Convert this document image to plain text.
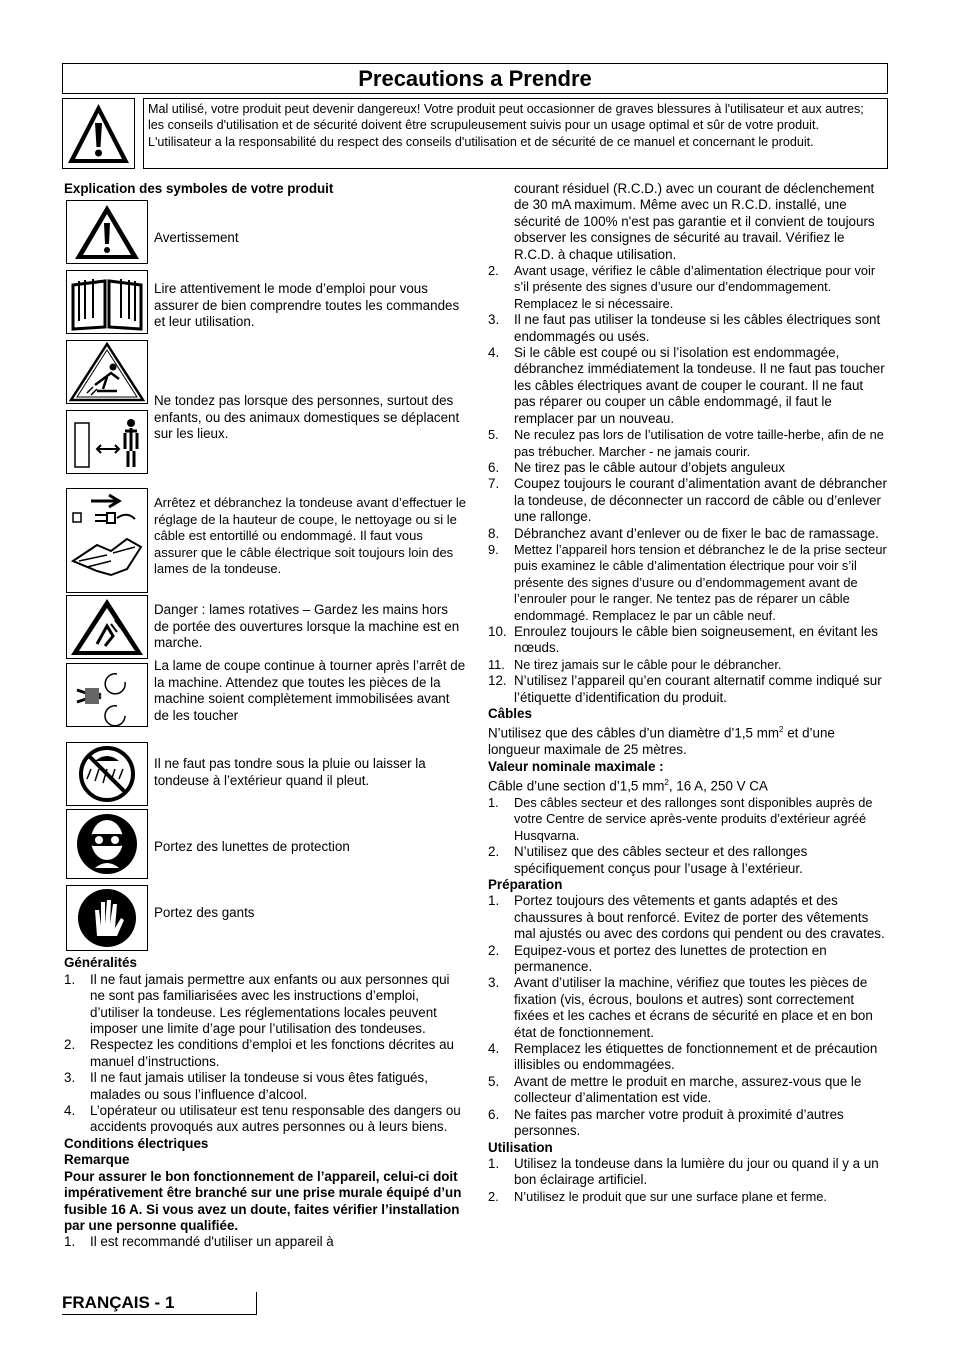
Precautions a Prendre
Mal utilisé, votre produit peut devenir dangereux! Votre produit peut occasionner de graves blessures à l'utilisateur et aux autres; les conseils d'utilisation et de sécurité doivent être scrupuleusement suivis pour un usage optimal et sûr de votre produit. L'utilisateur a la responsabilité du respect des conseils d'utilisation et de sécurité de ce manuel et concernant le produit.

Explication des symboles de votre produit

Avertissement
Lire attentivement le mode d’emploi pour vous assurer de bien comprendre toutes les commandes et leur utilisation.
Ne tondez pas lorsque des personnes, surtout des enfants, ou des animaux domestiques se déplacent sur les lieux.
Arrêtez et débranchez la tondeuse avant d’effectuer le réglage de la hauteur de coupe, le nettoyage ou si le câble est entortillé ou endommagé. Il faut vous assurer que le câble électrique soit toujours loin des lames de la tondeuse.
Danger : lames rotatives – Gardez les mains hors de portée des ouvertures lorsque la machine est en marche.
La lame de coupe continue à tourner après l’arrêt de la machine. Attendez que toutes les pièces de la machine soient complètement immobilisées avant de les toucher
Il ne faut pas tondre sous la pluie ou laisser la tondeuse à l’extérieur quand il pleut.
Portez des lunettes de protection
Portez des gants

Généralités

1. Il ne faut jamais permettre aux enfants ou aux personnes qui ne sont pas familiarisées avec les instructions d’emploi, d’utiliser la tondeuse. Les réglementations locales peuvent imposer une limite d’age pour l’utilisation des tondeuses.
2. Respectez les conditions d’emploi et les fonctions décrites au manuel d’instructions.
3. Il ne faut jamais utiliser la tondeuse si vous êtes fatigués, malades ou sous l’influence d’alcool.
4. L’opérateur ou utilisateur est tenu responsable des dangers ou accidents provoqués aux autres personnes ou à leurs biens.

Conditions électriques

Remarque

Pour assurer le bon fonctionnement de l’appareil, celui-ci doit impérativement être branché sur une prise murale équipé d’un fusible 16 A. Si vous avez un doute, faites vérifier l’installation par une personne qualifiée.

1. Il est recommandé d'utiliser un appareil à

courant résiduel (R.C.D.) avec un courant de déclenchement de 30 mA maximum. Même avec un R.C.D. installé, une sécurité de 100% n'est pas garantie et il convient de toujours observer les consignes de sécurité au travail. Vérifiez le R.C.D. à chaque utilisation.

2. Avant usage, vérifiez le câble d’alimentation électrique pour voir s’il présente des signes d’usure our d’endommagement. Remplacez le si nécessaire.
3. Il ne faut pas utiliser la tondeuse si les câbles électriques sont endommagés ou usés.
4. Si le câble est coupé ou si l’isolation est endommagée, débranchez immédiatement la tondeuse. Il ne faut pas toucher les câbles électriques avant de couper le courant. Il ne faut pas réparer ou couper un câble endommagé, il faut le remplacer par un nouveau.
5. Ne reculez pas lors de l’utilisation de votre taille-herbe, afin de ne pas trébucher. Marcher - ne jamais courir.
6. Ne tirez pas le câble autour d’objets anguleux
7. Coupez toujours le courant d’alimentation avant de débrancher la tondeuse, de déconnecter un raccord de câble ou d’enlever une rallonge.
8. Débranchez avant d’enlever ou de fixer le bac de ramassage.
9. Mettez l’appareil hors tension et débranchez le de la prise secteur puis examinez le câble d’alimentation électrique pour voir s’il présente des signes d’usure ou d’endommagement avant de l’enrouler pour le ranger. Ne tentez pas de réparer un câble endommagé. Remplacez le par un câble neuf.
10. Enroulez toujours le câble bien soigneusement, en évitant les nœuds.
11. Ne tirez jamais sur le câble pour le débrancher.
12. N’utilisez l’appareil qu’en courant alternatif comme indiqué sur l’étiquette d’identification du produit.

Câbles

N’utilisez que des câbles d’un diamètre d’1,5 $mm^2$ et d’une longueur maximale de 25 mètres.

Valeur nominale maximale :

Câble d’une section d’1,5 $mm^2$, 16 A, 250 V CA

1. Des câbles secteur et des rallonges sont disponibles auprès de votre Centre de service après-vente produits d’extérieur agréé Husqvarna.
2. N’utilisez que des câbles secteur et des rallonges spécifiquement conçus pour l’usage à l’extérieur.

Préparation

1. Portez toujours des vêtements et gants adaptés et des chaussures à bout renforcé. Evitez de porter des vêtements mal ajustés ou avec des cordons qui pendent ou des cravates.
2. Equipez-vous et portez des lunettes de protection en permanence.
3. Avant d’utiliser la machine, vérifiez que toutes les pièces de fixation (vis, écrous, boulons et autres) sont correctement fixées et les caches et écrans de sécurité en place et en bon état de fonctionnement.
4. Remplacez les étiquettes de fonctionnement et de précaution illisibles ou endommagées.
5. Avant de mettre le produit en marche, assurez-vous que le collecteur d’alimentation est vide.
6. Ne faites pas marcher votre produit à proximité d’autres personnes.

Utilisation

1. Utilisez la tondeuse dans la lumière du jour ou quand il y a un bon éclairage artificiel.
2. N’utilisez le produit que sur une surface plane et ferme.
FRANÇAIS - 1
